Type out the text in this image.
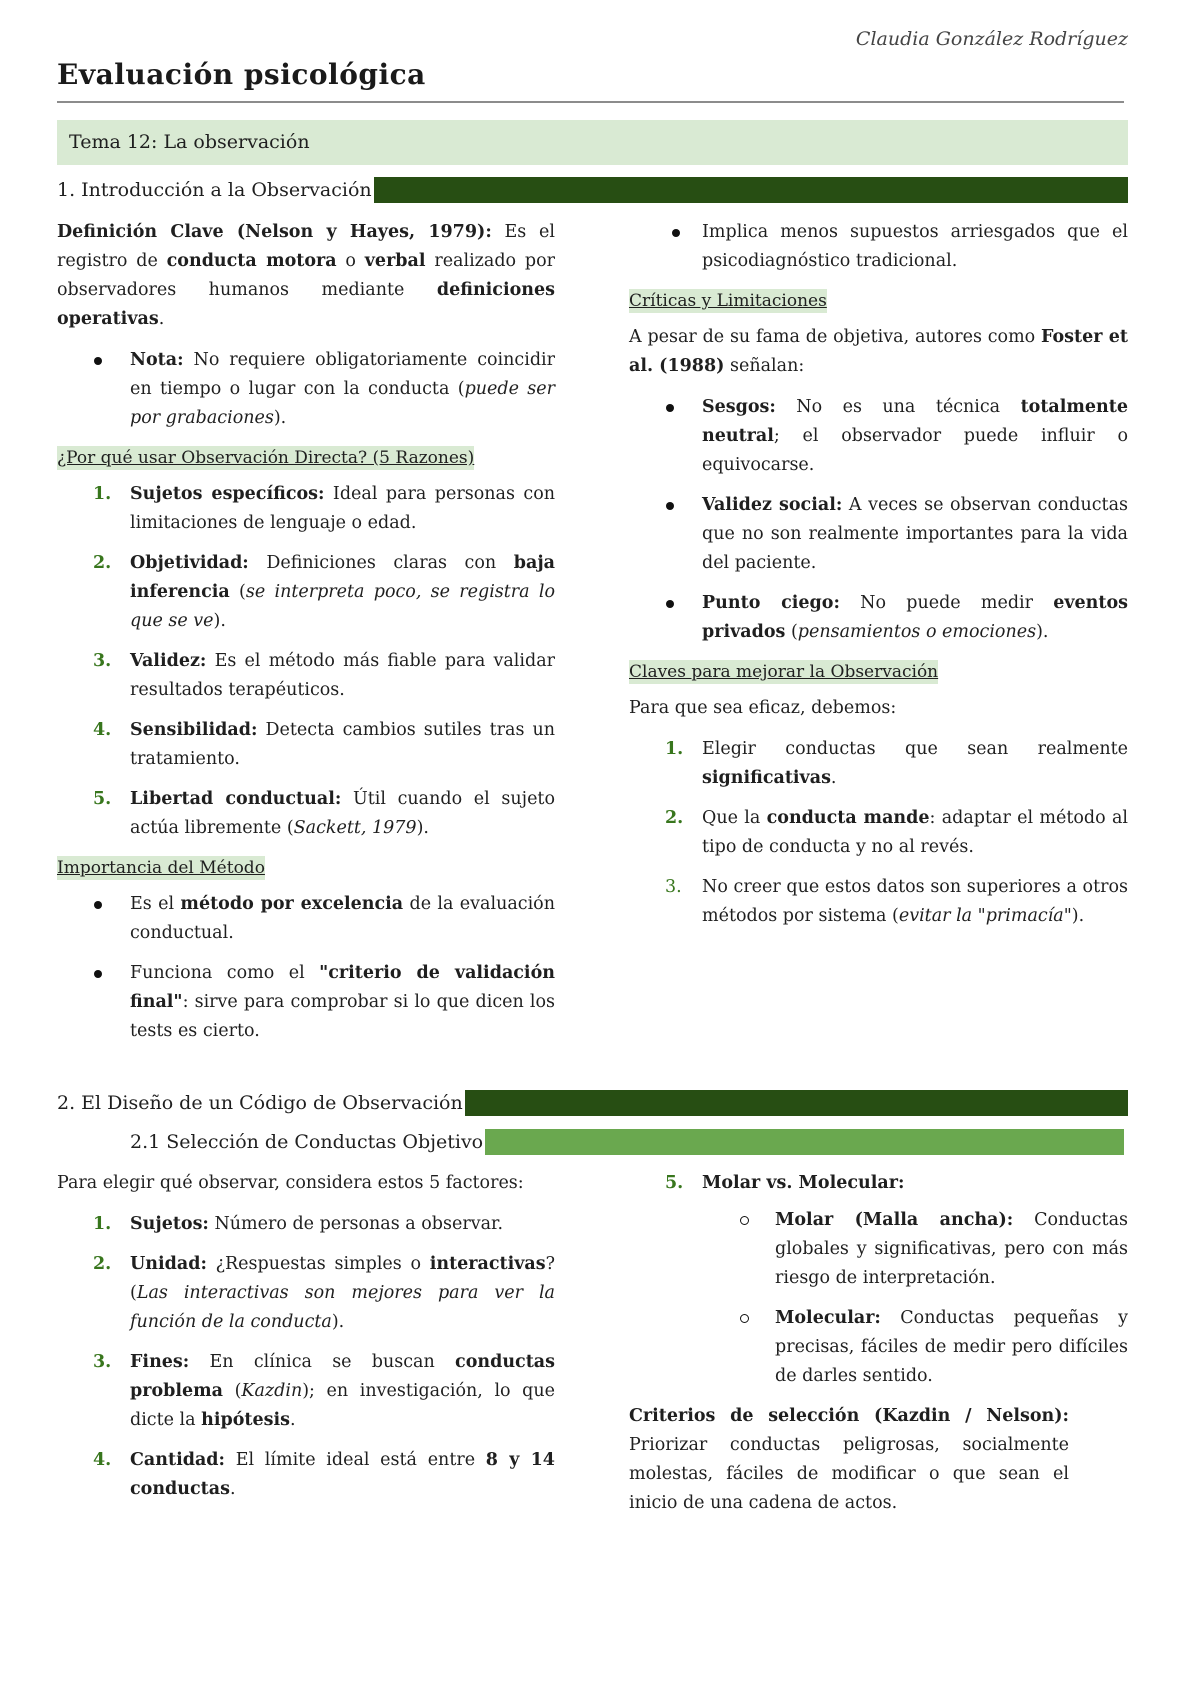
Claudia González Rodríguez
Evaluación psicológica
Tema 12: La observación
1. Introducción a la Observación

Definición Clave (Nelson y Hayes, 1979): Es el registro de conducta motora o verbal realizado por observadores humanos mediante definiciones operativas.

Nota: No requiere obligatoriamente coincidir en tiempo o lugar con la conducta (puede ser por grabaciones).
¿Por qué usar Observación Directa? (5 Razones)
1. Sujetos específicos: Ideal para personas con limitaciones de lenguaje o edad.
2. Objetividad: Definiciones claras con baja inferencia (se interpreta poco, se registra lo que se ve).
3. Validez: Es el método más fiable para validar resultados terapéuticos.
4. Sensibilidad: Detecta cambios sutiles tras un tratamiento.
5. Libertad conductual: Útil cuando el sujeto actúa libremente (Sackett, 1979).
Importancia del Método
Es el método por excelencia de la evaluación conductual.
Funciona como el "criterio de validación final": sirve para comprobar si lo que dicen los tests es cierto.
Implica menos supuestos arriesgados que el psicodiagnóstico tradicional.
Críticas y Limitaciones

A pesar de su fama de objetiva, autores como Foster et al. (1988) señalan:

Sesgos: No es una técnica totalmente neutral; el observador puede influir o equivocarse.
Validez social: A veces se observan conductas que no son realmente importantes para la vida del paciente.
Punto ciego: No puede medir eventos privados (pensamientos o emociones).
Claves para mejorar la Observación

Para que sea eficaz, debemos:

1. Elegir conductas que sean realmente significativas.
2. Que la conducta mande: adaptar el método al tipo de conducta y no al revés.
3. No creer que estos datos son superiores a otros métodos por sistema (evitar la "primacía").
2. El Diseño de un Código de Observación
2.1 Selección de Conductas Objetivo

Para elegir qué observar, considera estos 5 factores:

1. Sujetos: Número de personas a observar.
2. Unidad: ¿Respuestas simples o interactivas? (Las interactivas son mejores para ver la función de la conducta).
3. Fines: En clínica se buscan conductas problema (Kazdin); en investigación, lo que dicte la hipótesis.
4. Cantidad: El límite ideal está entre 8 y 14 conductas.
5. Molar vs. Molecular:
Molar (Malla ancha): Conductas globales y significativas, pero con más riesgo de interpretación.
Molecular: Conductas pequeñas y precisas, fáciles de medir pero difíciles de darles sentido.

Criterios de selección (Kazdin / Nelson): Priorizar conductas peligrosas, socialmente molestas, fáciles de modificar o que sean el inicio de una cadena de actos.
